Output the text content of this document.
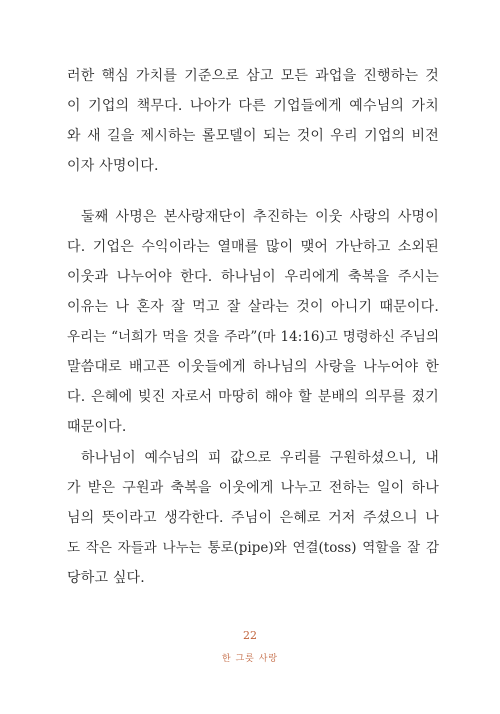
러한 핵심 가치를 기준으로 삼고 모든 과업을 진행하는 것
이 기업의 책무다. 나아가 다른 기업들에게 예수님의 가치
와 새 길을 제시하는 롤모델이 되는 것이 우리 기업의 비전
이자 사명이다.
둘째 사명은 본사랑재단이 추진하는 이웃 사랑의 사명이
다. 기업은 수익이라는 열매를 많이 맺어 가난하고 소외된
이웃과 나누어야 한다. 하나님이 우리에게 축복을 주시는
이유는 나 혼자 잘 먹고 잘 살라는 것이 아니기 때문이다.
우리는 “너희가 먹을 것을 주라”(마 14:16)고 명령하신 주님의
말씀대로 배고픈 이웃들에게 하나님의 사랑을 나누어야 한
다. 은혜에 빚진 자로서 마땅히 해야 할 분배의 의무를 졌기
때문이다.
하나님이 예수님의 피 값으로 우리를 구원하셨으니, 내
가 받은 구원과 축복을 이웃에게 나누고 전하는 일이 하나
님의 뜻이라고 생각한다. 주님이 은혜로 거저 주셨으니 나
도 작은 자들과 나누는 통로(pipe)와 연결(toss) 역할을 잘 감
당하고 싶다.
22
한 그릇 사랑
